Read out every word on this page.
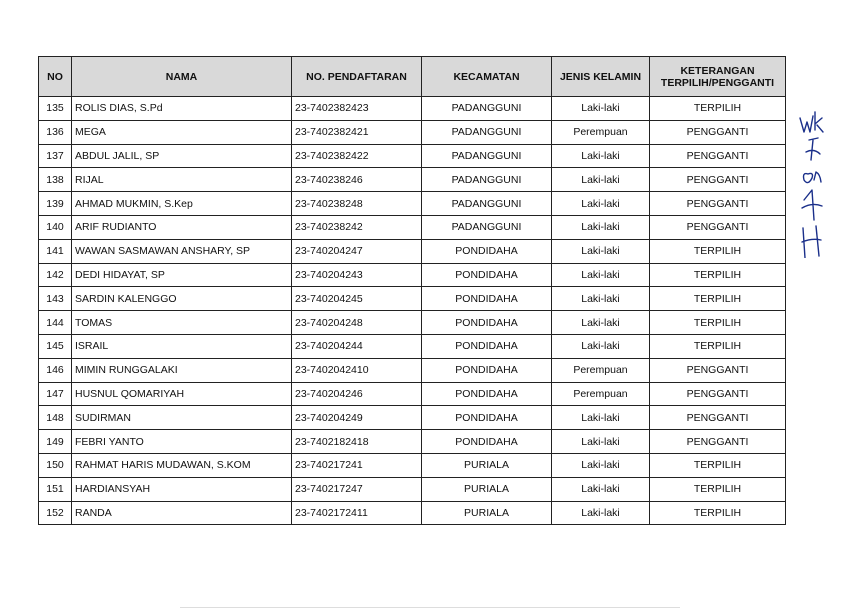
NO	NAMA	NO. PENDAFTARAN	KECAMATAN	JENIS KELAMIN	KETERANGAN
TERPILIH/PENGGANTI
135	ROLIS DIAS, S.Pd	23-7402382423	PADANGGUNI	Laki-laki	TERPILIH
136	MEGA	23-7402382421	PADANGGUNI	Perempuan	PENGGANTI
137	ABDUL JALIL, SP	23-7402382422	PADANGGUNI	Laki-laki	PENGGANTI
138	RIJAL	23-740238246	PADANGGUNI	Laki-laki	PENGGANTI
139	AHMAD MUKMIN, S.Kep	23-740238248	PADANGGUNI	Laki-laki	PENGGANTI
140	ARIF RUDIANTO	23-740238242	PADANGGUNI	Laki-laki	PENGGANTI
141	WAWAN SASMAWAN ANSHARY, SP	23-740204247	PONDIDAHA	Laki-laki	TERPILIH
142	DEDI HIDAYAT, SP	23-740204243	PONDIDAHA	Laki-laki	TERPILIH
143	SARDIN KALENGGO	23-740204245	PONDIDAHA	Laki-laki	TERPILIH
144	TOMAS	23-740204248	PONDIDAHA	Laki-laki	TERPILIH
145	ISRAIL	23-740204244	PONDIDAHA	Laki-laki	TERPILIH
146	MIMIN RUNGGALAKI	23-7402042410	PONDIDAHA	Perempuan	PENGGANTI
147	HUSNUL QOMARIYAH	23-740204246	PONDIDAHA	Perempuan	PENGGANTI
148	SUDIRMAN	23-740204249	PONDIDAHA	Laki-laki	PENGGANTI
149	FEBRI YANTO	23-7402182418	PONDIDAHA	Laki-laki	PENGGANTI
150	RAHMAT HARIS MUDAWAN, S.KOM	23-740217241	PURIALA	Laki-laki	TERPILIH
151	HARDIANSYAH	23-740217247	PURIALA	Laki-laki	TERPILIH
152	RANDA	23-7402172411	PURIALA	Laki-laki	TERPILIH
